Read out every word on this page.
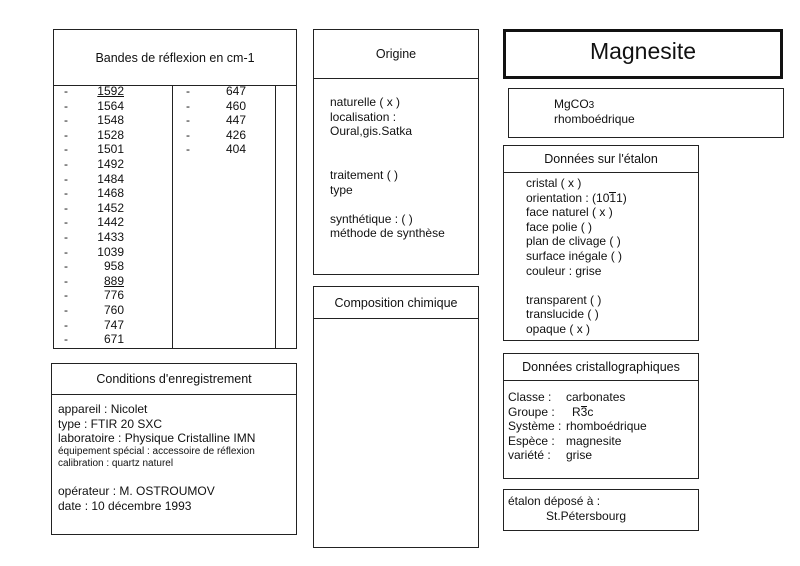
Bandes de réflexion en cm-1
- 1592
- 1564
- 1548
- 1528
- 1501
- 1492
- 1484
- 1468
- 1452
- 1442
- 1433
- 1039
-	958
-	889
-	776
-	760
-	747
-	671
-	647
-	460
-	447
-	426
-	404
Origine
naturelle ( x )
localisation :
Oural,gis.Satka
traitement ( )
type
synthétique : ( )
méthode de synthèse
Composition chimique
Magnesite
MgCO3
rhomboédrique
Données sur l'étalon
cristal ( x )
orientation : (1011)
face naturel ( x )
face polie ( )
plan de clivage ( )
surface inégale ( )
couleur : grise
transparent ( )
translucide ( )
opaque ( x )
Données cristallographiques
Classe : carbonates
Groupe : R3c
Système : rhomboédrique
Espèce : magnesite
variété : grise
étalon déposé à :
St.Pétersbourg
Conditions d'enregistrement
appareil : Nicolet
type : FTIR 20 SXC
laboratoire : Physique Cristalline IMN
équipement spécial : accessoire de réflexion
calibration : quartz naturel
opérateur : M. OSTROUMOV
date : 10 décembre 1993
